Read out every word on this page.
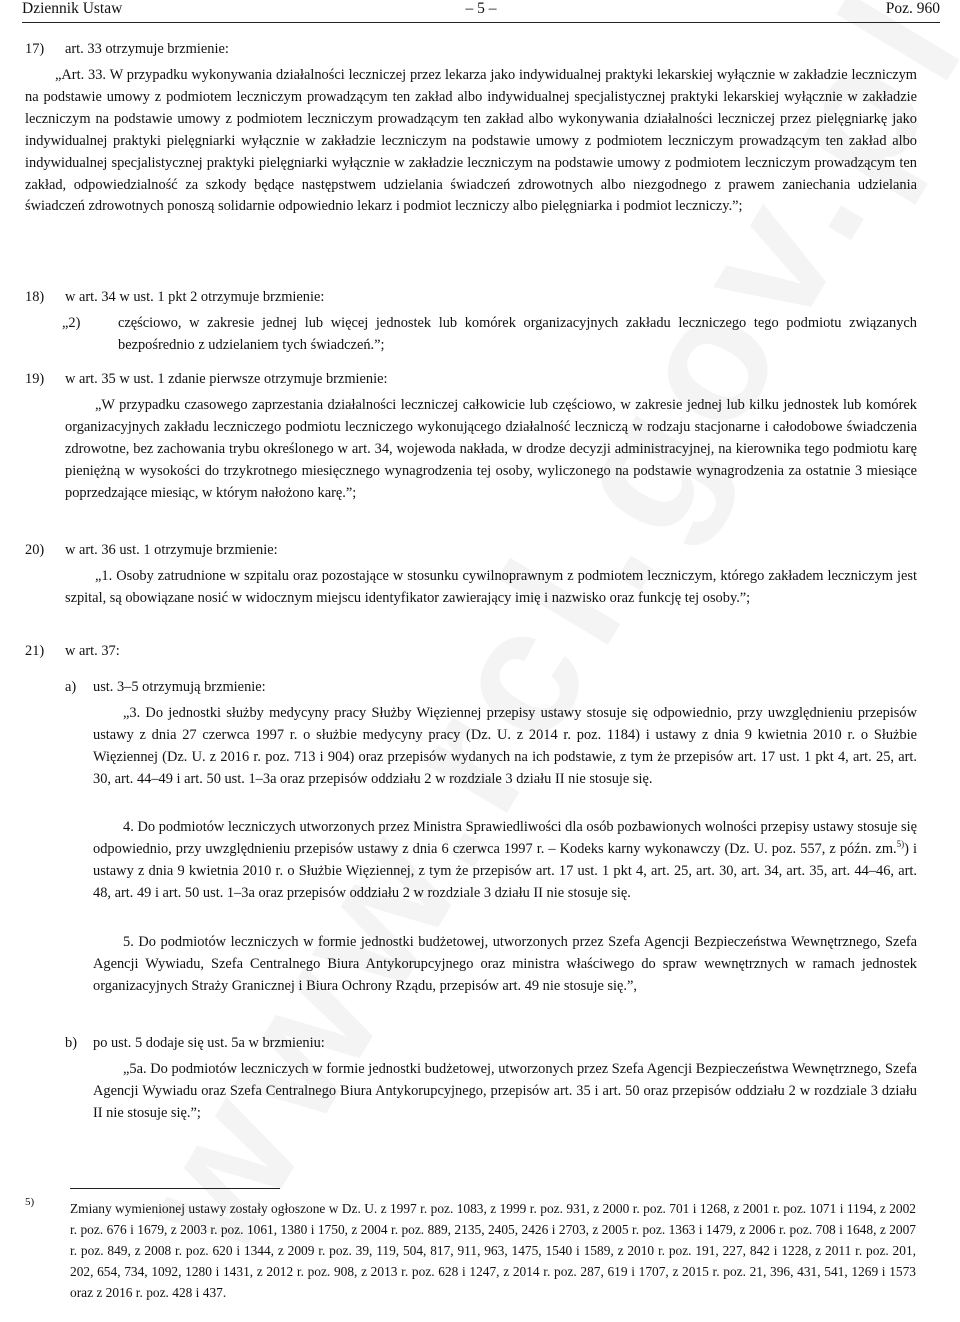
Dziennik Ustaw	– 5 –	Poz. 960
17) art. 33 otrzymuje brzmienie:
„Art. 33. W przypadku wykonywania działalności leczniczej przez lekarza jako indywidualnej praktyki lekarskiej wyłącznie w zakładzie leczniczym na podstawie umowy z podmiotem leczniczym prowadzącym ten zakład albo indywidualnej specjalistycznej praktyki lekarskiej wyłącznie w zakładzie leczniczym na podstawie umowy z podmiotem leczniczym prowadzącym ten zakład albo wykonywania działalności leczniczej przez pielęgniarkę jako indywidualnej praktyki pielęgniarki wyłącznie w zakładzie leczniczym na podstawie umowy z podmiotem leczniczym prowadzącym ten zakład albo indywidualnej specjalistycznej praktyki pielęgniarki wyłącznie w zakładzie leczniczym na podstawie umowy z podmiotem leczniczym prowadzącym ten zakład, odpowiedzialność za szkody będące następstwem udzielania świadczeń zdrowotnych albo niezgodnego z prawem zaniechania udzielania świadczeń zdrowotnych ponoszą solidarnie odpowiednio lekarz i podmiot leczniczy albo pielęgniarka i podmiot leczniczy.”;
18) w art. 34 w ust. 1 pkt 2 otrzymuje brzmienie:
„2)	częściowo, w zakresie jednej lub więcej jednostek lub komórek organizacyjnych zakładu leczniczego tego podmiotu związanych bezpośrednio z udzielaniem tych świadczeń.”;
19) w art. 35 w ust. 1 zdanie pierwsze otrzymuje brzmienie:
„W przypadku czasowego zaprzestania działalności leczniczej całkowicie lub częściowo, w zakresie jednej lub kilku jednostek lub komórek organizacyjnych zakładu leczniczego podmiotu leczniczego wykonującego działalność leczniczą w rodzaju stacjonarne i całodobowe świadczenia zdrowotne, bez zachowania trybu określonego w art. 34, wojewoda nakłada, w drodze decyzji administracyjnej, na kierownika tego podmiotu karę pieniężną w wysokości do trzykrotnego miesięcznego wynagrodzenia tej osoby, wyliczonego na podstawie wynagrodzenia za ostatnie 3 miesiące poprzedzające miesiąc, w którym nałożono karę.”;
20) w art. 36 ust. 1 otrzymuje brzmienie:
„1. Osoby zatrudnione w szpitalu oraz pozostające w stosunku cywilnoprawnym z podmiotem leczniczym, którego zakładem leczniczym jest szpital, są obowiązane nosić w widocznym miejscu identyfikator zawierający imię i nazwisko oraz funkcję tej osoby.”;
21) w art. 37:
a) ust. 3–5 otrzymują brzmienie:
„3. Do jednostki służby medycyny pracy Służby Więziennej przepisy ustawy stosuje się odpowiednio, przy uwzględnieniu przepisów ustawy z dnia 27 czerwca 1997 r. o służbie medycyny pracy (Dz. U. z 2014 r. poz. 1184) i ustawy z dnia 9 kwietnia 2010 r. o Służbie Więziennej (Dz. U. z 2016 r. poz. 713 i 904) oraz przepisów wydanych na ich podstawie, z tym że przepisów art. 17 ust. 1 pkt 4, art. 25, art. 30, art. 44–49 i art. 50 ust. 1–3a oraz przepisów oddziału 2 w rozdziale 3 działu II nie stosuje się.
4. Do podmiotów leczniczych utworzonych przez Ministra Sprawiedliwości dla osób pozbawionych wolności przepisy ustawy stosuje się odpowiednio, przy uwzględnieniu przepisów ustawy z dnia 6 czerwca 1997 r. – Kodeks karny wykonawczy (Dz. U. poz. 557, z późn. zm.$^{5)}$) i ustawy z dnia 9 kwietnia 2010 r. o Służbie Więziennej, z tym że przepisów art. 17 ust. 1 pkt 4, art. 25, art. 30, art. 34, art. 35, art. 44–46, art. 48, art. 49 i art. 50 ust. 1–3a oraz przepisów oddziału 2 w rozdziale 3 działu II nie stosuje się.
5. Do podmiotów leczniczych w formie jednostki budżetowej, utworzonych przez Szefa Agencji Bezpieczeństwa Wewnętrznego, Szefa Agencji Wywiadu, Szefa Centralnego Biura Antykorupcyjnego oraz ministra właściwego do spraw wewnętrznych w ramach jednostek organizacyjnych Straży Granicznej i Biura Ochrony Rządu, przepisów art. 49 nie stosuje się.”,
b) po ust. 5 dodaje się ust. 5a w brzmieniu:
„5a. Do podmiotów leczniczych w formie jednostki budżetowej, utworzonych przez Szefa Agencji Bezpieczeństwa Wewnętrznego, Szefa Agencji Wywiadu oraz Szefa Centralnego Biura Antykorupcyjnego, przepisów art. 35 i art. 50 oraz przepisów oddziału 2 w rozdziale 3 działu II nie stosuje się.”;
5)	Zmiany wymienionej ustawy zostały ogłoszone w Dz. U. z 1997 r. poz. 1083, z 1999 r. poz. 931, z 2000 r. poz. 701 i 1268, z 2001 r. poz. 1071 i 1194, z 2002 r. poz. 676 i 1679, z 2003 r. poz. 1061, 1380 i 1750, z 2004 r. poz. 889, 2135, 2405, 2426 i 2703, z 2005 r. poz. 1363 i 1479, z 2006 r. poz. 708 i 1648, z 2007 r. poz. 849, z 2008 r. poz. 620 i 1344, z 2009 r. poz. 39, 119, 504, 817, 911, 963, 1475, 1540 i 1589, z 2010 r. poz. 191, 227, 842 i 1228, z 2011 r. poz. 201, 202, 654, 734, 1092, 1280 i 1431, z 2012 r. poz. 908, z 2013 r. poz. 628 i 1247, z 2014 r. poz. 287, 619 i 1707, z 2015 r. poz. 21, 396, 431, 541, 1269 i 1573 oraz z 2016 r. poz. 428 i 437.
